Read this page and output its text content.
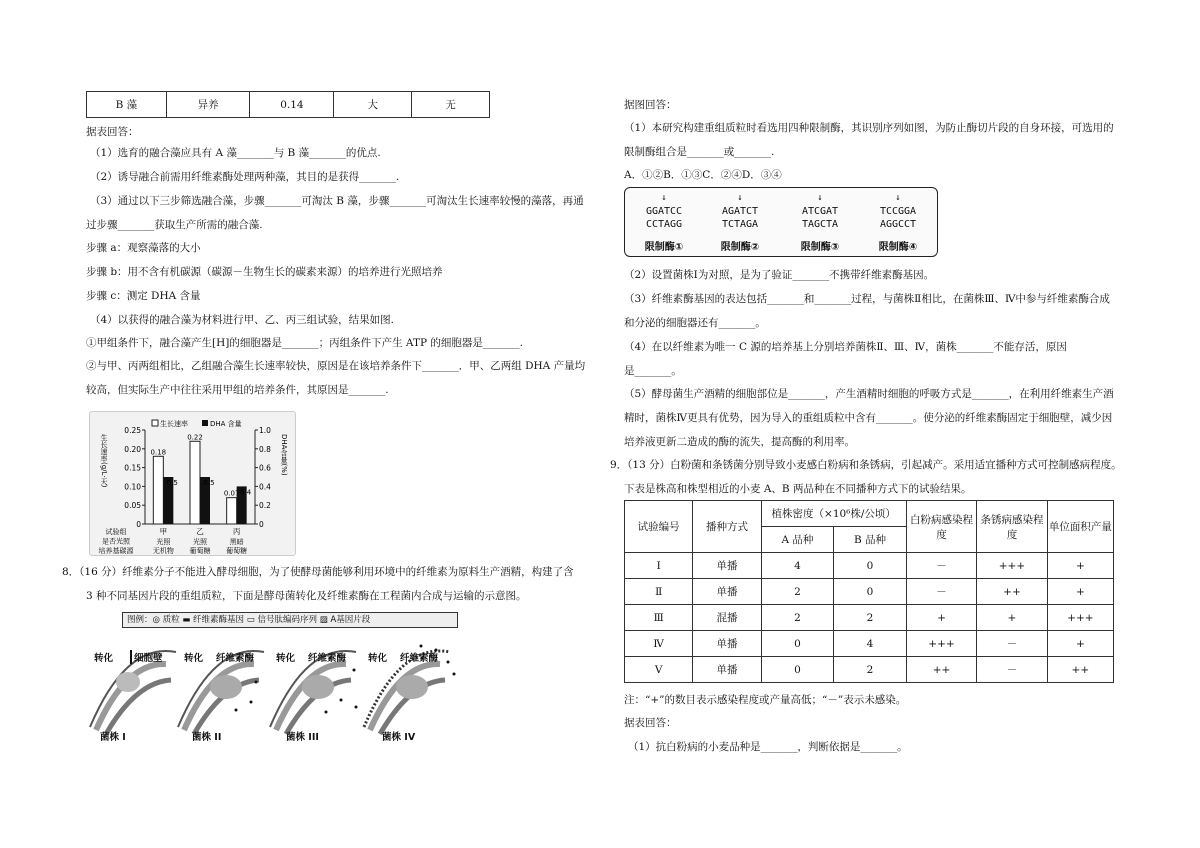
B 藻	异养	0.14	大	无

据表回答：

（1）选育的融合藻应具有 A 藻_______与 B 藻_______的优点.

（2）诱导融合前需用纤维素酶处理两种藻，其目的是获得_______.

（3）通过以下三步筛选融合藻，步骤_______可淘汰 B 藻，步骤_______可淘汰生长速率较慢的藻落，再通

过步骤_______获取生产所需的融合藻.

步骤 a：观察藻落的大小

步骤 b：用不含有机碳源（碳源－生物生长的碳素来源）的培养进行光照培养

步骤 c：测定 DHA 含量

（4）以获得的融合藻为材料进行甲、乙、丙三组试验，结果如图.

①甲组条件下，融合藻产生[H]的细胞器是_______；丙组条件下产生 ATP 的细胞器是_______.

②与甲、丙两组相比，乙组融合藻生长速率较快，原因是在该培养条件下_______．甲、乙两组 DHA 产量均

较高，但实际生产中往往采用甲组的培养条件，其原因是_______.

0
0.05
0.10
0.15
0.20
0.25
0
0.2
0.4
0.6
0.8
1.0
生长速率(g/L·天)	DHA含量(%)
生长速率	DHA 含量
0.18
0.5
甲
光照
无机物
0.22
0.5
乙
光照
葡萄糖
0.07 0.4
丙
黑暗
葡萄糖
试验组
是否光照
培养基碳源

8．（16 分）纤维素分子不能进入酵母细胞，为了使酵母菌能够利用环境中的纤维素为原料生产酒精，构建了含

3 种不同基因片段的重组质粒，下面是酵母菌转化及纤维素酶在工程菌内合成与运输的示意图。

图例：◎ 质粒 ▬ 纤维素酶基因 ▭ 信号肽编码序列 ▨ A基因片段
转化 细胞壁 转化 纤维素酶 转化 纤维素酶 转化 纤维素酶
菌株 I	菌株 II	菌株 III	菌株 IV

据图回答：

（1）本研究构建重组质粒时看选用四种限制酶，其识别序列如图，为防止酶切片段的自身环接，可选用的

限制酶组合是_______或_______.

A．①②B．①③C．②④D．③④

↓
GGATCC
CCTAGG
限制酶①
↓
AGATCT
TCTAGA
限制酶②
↓
ATCGAT
TAGCTA
限制酶③
↓
TCCGGA
AGGCCT
限制酶④

（2）设置菌株Ⅰ为对照，是为了验证_______不携带纤维素酶基因。

（3）纤维素酶基因的表达包括_______和_______过程，与菌株Ⅱ相比，在菌株Ⅲ、Ⅳ中参与纤维素酶合成

和分泌的细胞器还有_______。

（4）在以纤维素为唯一 C 源的培养基上分别培养菌株Ⅱ、Ⅲ、Ⅳ，菌株_______不能存活，原因

是_______。

（5）酵母菌生产酒精的细胞部位是_______，产生酒精时细胞的呼吸方式是_______，在利用纤维素生产酒

精时，菌株Ⅳ更具有优势，因为导入的重组质粒中含有_______。使分泌的纤维素酶固定于细胞壁，减少因

培养液更新二造成的酶的流失，提高酶的利用率。

9．（13 分）白粉菌和条锈菌分别导致小麦感白粉病和条锈病，引起减产。采用适宜播种方式可控制感病程度。

下表是株高和株型相近的小麦 A、B 两品种在不同播种方式下的试验结果。

试验编号	播种方式	植株密度（×10⁶株/公顷）		白粉病感染程度	条锈病感染程度	单位面积产量
		A 品种	B 品种			
Ⅰ	单播	4	0	－	+++	+
Ⅱ	单播	2	0	－	++	+
Ⅲ	混播	2	2	+	+	+++
Ⅳ	单播	0	4	+++	－	+
Ⅴ	单播	0	2	++	－	++

注：“+”的数目表示感染程度或产量高低；“－”表示未感染。

据表回答：

（1）抗白粉病的小麦品种是_______，判断依据是_______。
